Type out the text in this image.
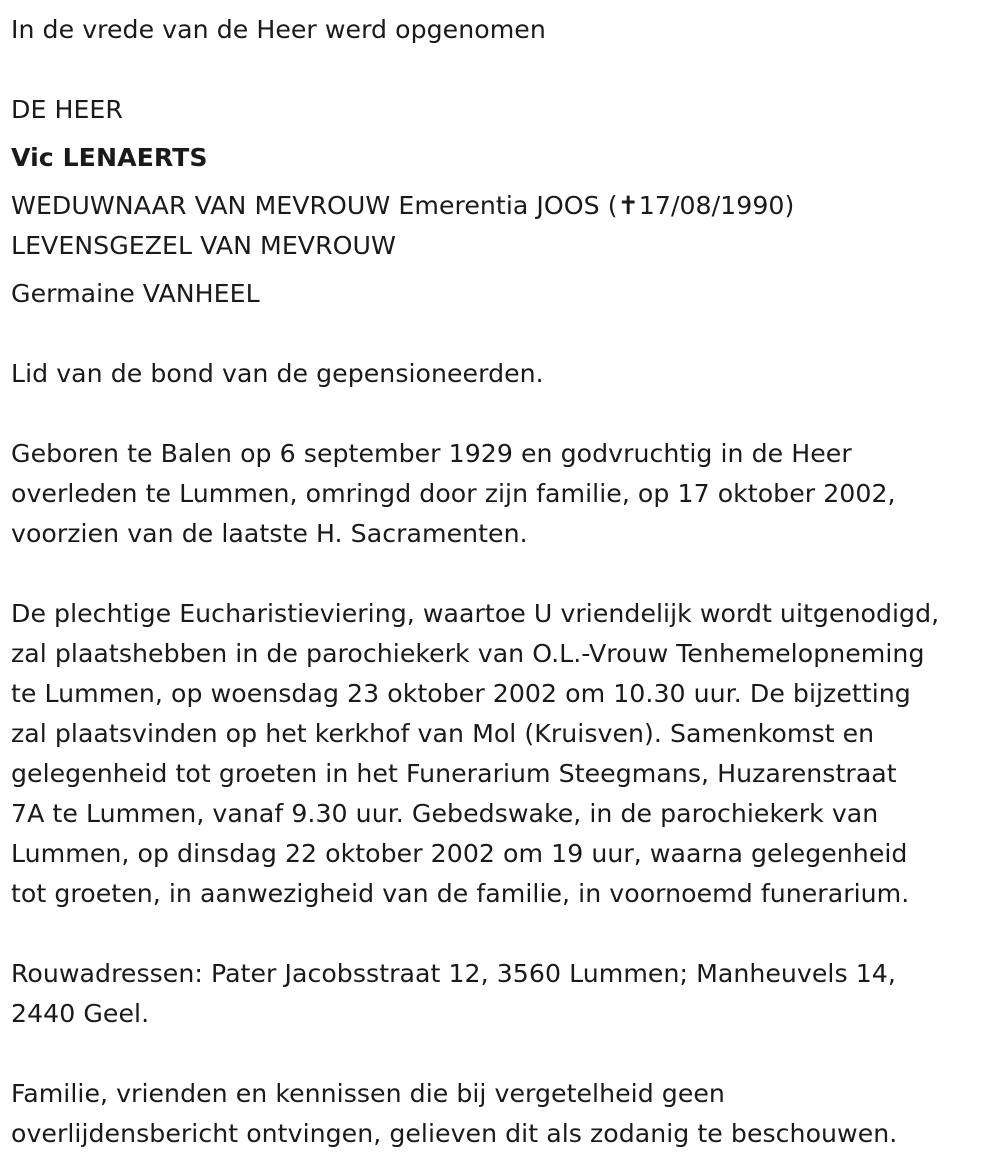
In de vrede van de Heer werd opgenomen
DE HEER
Vic LENAERTS
WEDUWNAAR VAN MEVROUW Emerentia JOOS (✝17/08/1990)
LEVENSGEZEL VAN MEVROUW
Germaine VANHEEL
Lid van de bond van de gepensioneerden.
Geboren te Balen op 6 september 1929 en godvruchtig in de Heer
overleden te Lummen, omringd door zijn familie, op 17 oktober 2002,
voorzien van de laatste H. Sacramenten.
De plechtige Eucharistieviering, waartoe U vriendelijk wordt uitgenodigd,
zal plaatshebben in de parochiekerk van O.L.-Vrouw Tenhemelopneming
te Lummen, op woensdag 23 oktober 2002 om 10.30 uur. De bijzetting
zal plaatsvinden op het kerkhof van Mol (Kruisven). Samenkomst en
gelegenheid tot groeten in het Funerarium Steegmans, Huzarenstraat
7A te Lummen, vanaf 9.30 uur. Gebedswake, in de parochiekerk van
Lummen, op dinsdag 22 oktober 2002 om 19 uur, waarna gelegenheid
tot groeten, in aanwezigheid van de familie, in voornoemd funerarium.
Rouwadressen: Pater Jacobsstraat 12, 3560 Lummen; Manheuvels 14,
2440 Geel.
Familie, vrienden en kennissen die bij vergetelheid geen
overlijdensbericht ontvingen, gelieven dit als zodanig te beschouwen.
